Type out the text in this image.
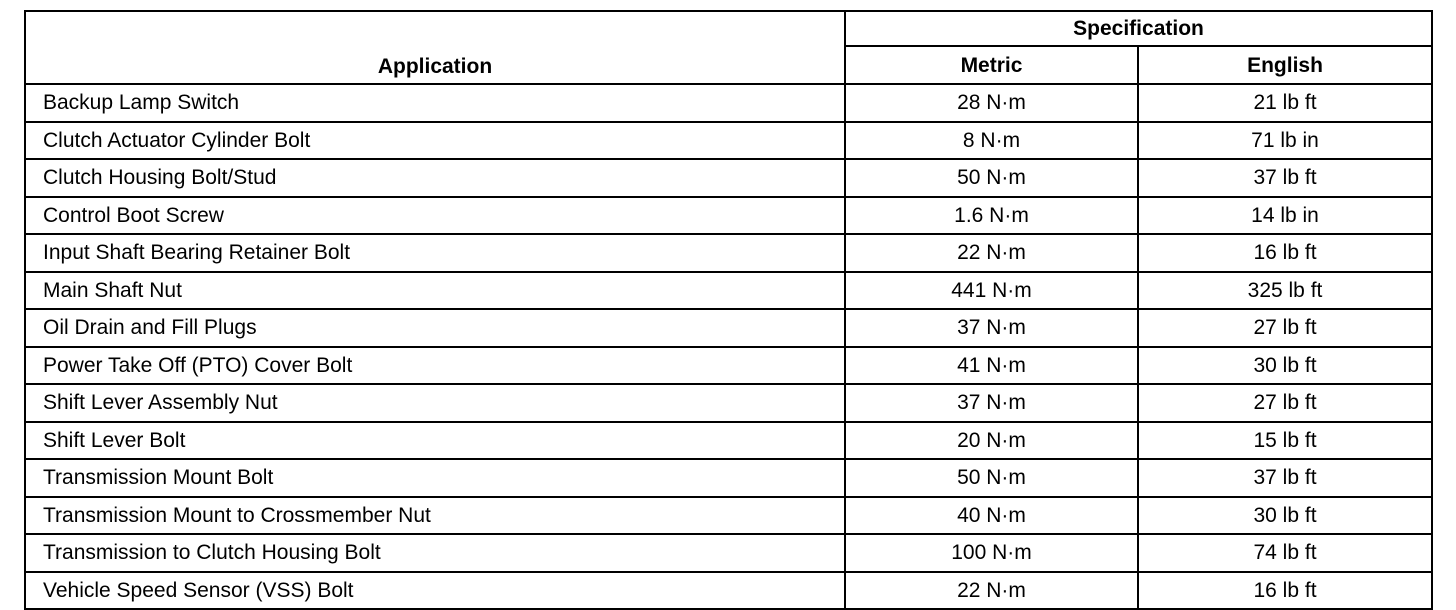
Application	Specification	
	Metric	English
Backup Lamp Switch	28 N·m	21 lb ft
Clutch Actuator Cylinder Bolt	8 N·m	71 lb in
Clutch Housing Bolt/Stud	50 N·m	37 lb ft
Control Boot Screw	1.6 N·m	14 lb in
Input Shaft Bearing Retainer Bolt	22 N·m	16 lb ft
Main Shaft Nut	441 N·m	325 lb ft
Oil Drain and Fill Plugs	37 N·m	27 lb ft
Power Take Off (PTO) Cover Bolt	41 N·m	30 lb ft
Shift Lever Assembly Nut	37 N·m	27 lb ft
Shift Lever Bolt	20 N·m	15 lb ft
Transmission Mount Bolt	50 N·m	37 lb ft
Transmission Mount to Crossmember Nut	40 N·m	30 lb ft
Transmission to Clutch Housing Bolt	100 N·m	74 lb ft
Vehicle Speed Sensor (VSS) Bolt	22 N·m	16 lb ft
